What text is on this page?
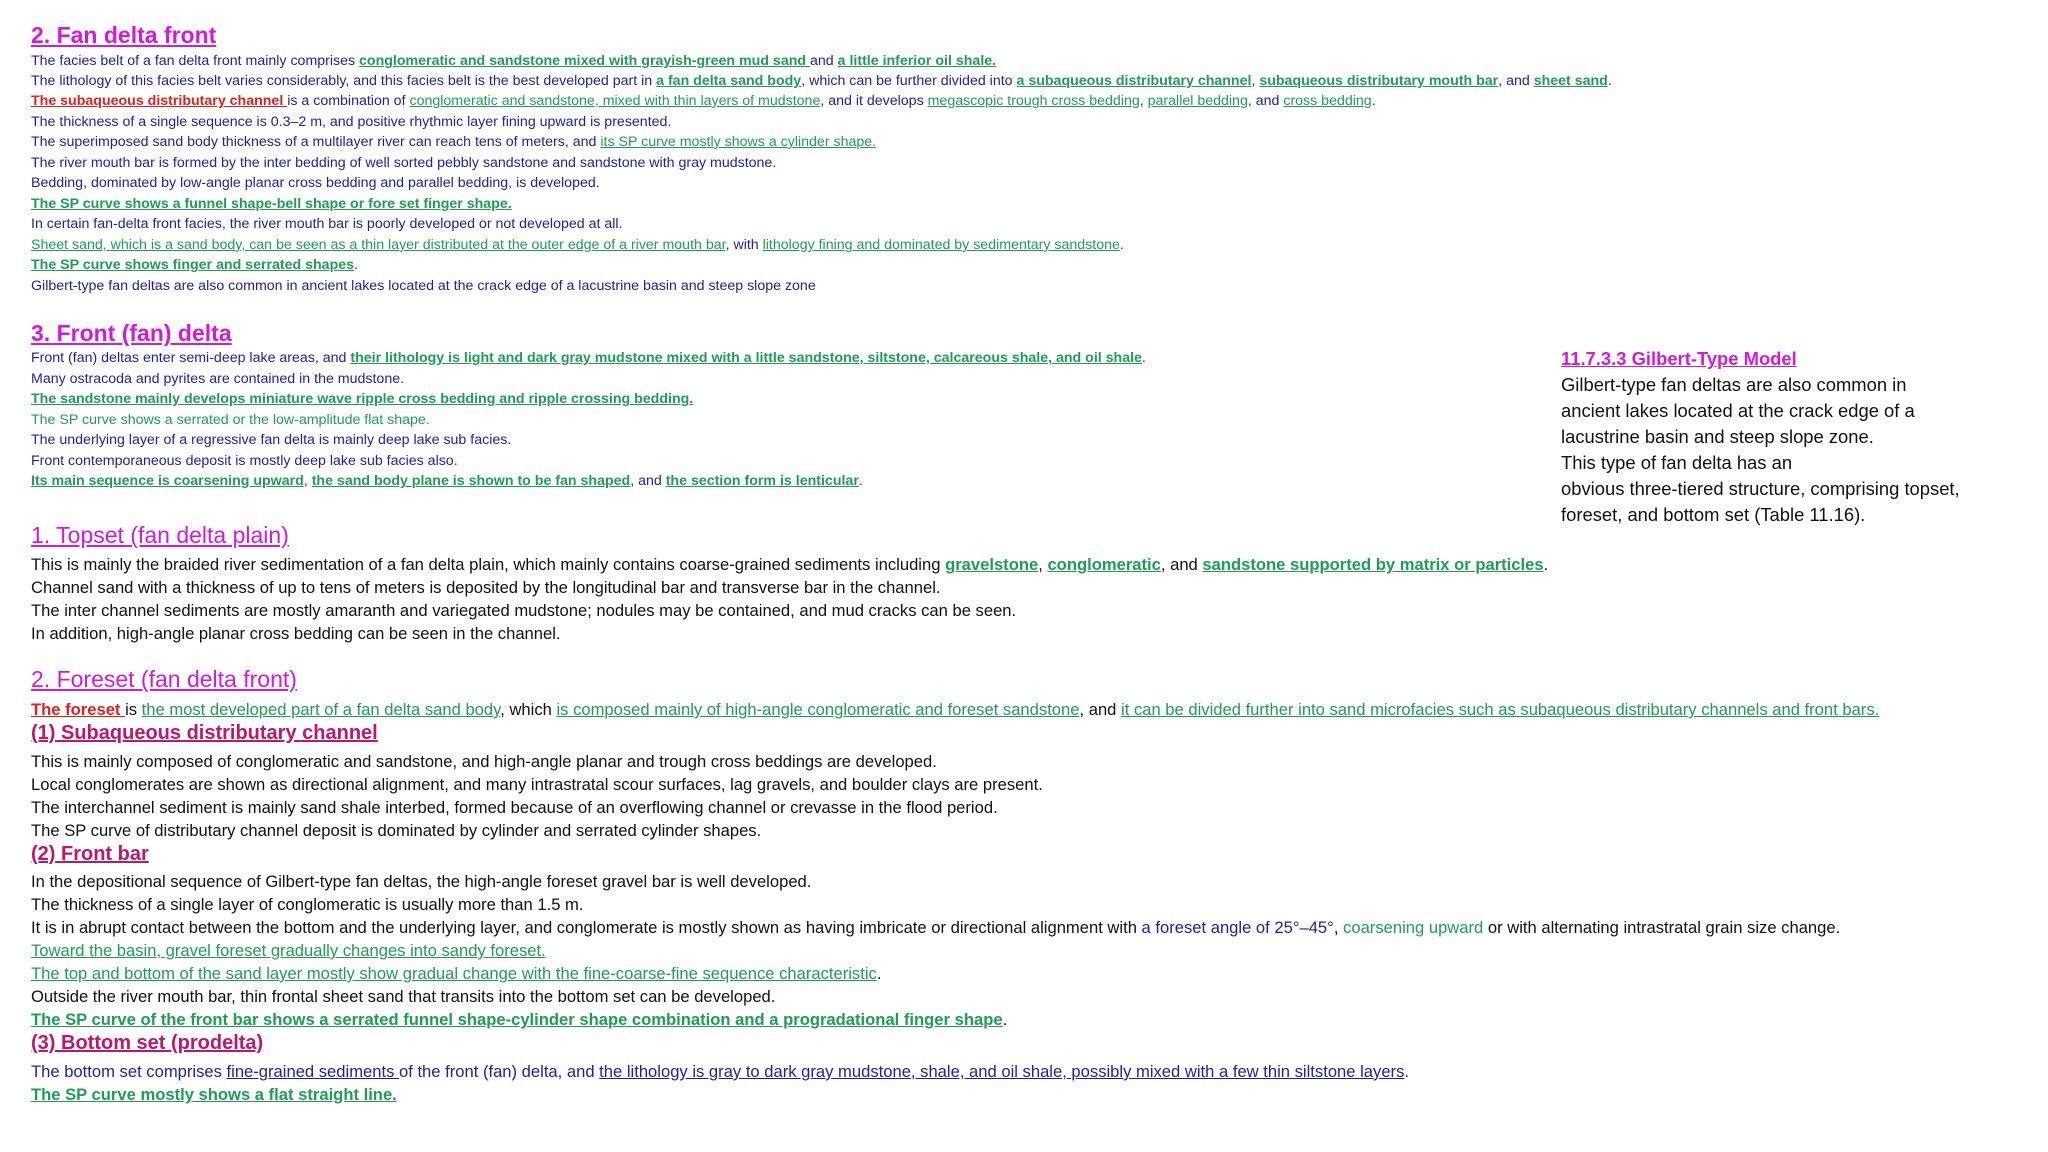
2. Fan delta front
The facies belt of a fan delta front mainly comprises conglomeratic and sandstone mixed with grayish-green mud sand and a little inferior oil shale.
The lithology of this facies belt varies considerably, and this facies belt is the best developed part in a fan delta sand body, which can be further divided into a subaqueous distributary channel, subaqueous distributary mouth bar, and sheet sand.
The subaqueous distributary channel is a combination of conglomeratic and sandstone, mixed with thin layers of mudstone, and it develops megascopic trough cross bedding, parallel bedding, and cross bedding.
The thickness of a single sequence is 0.3–2 m, and positive rhythmic layer fining upward is presented.
The superimposed sand body thickness of a multilayer river can reach tens of meters, and its SP curve mostly shows a cylinder shape.
The river mouth bar is formed by the inter bedding of well sorted pebbly sandstone and sandstone with gray mudstone.
Bedding, dominated by low-angle planar cross bedding and parallel bedding, is developed.
The SP curve shows a funnel shape-bell shape or fore set finger shape.
In certain fan-delta front facies, the river mouth bar is poorly developed or not developed at all.
Sheet sand, which is a sand body, can be seen as a thin layer distributed at the outer edge of a river mouth bar, with lithology fining and dominated by sedimentary sandstone.
The SP curve shows finger and serrated shapes.
Gilbert-type fan deltas are also common in ancient lakes located at the crack edge of a lacustrine basin and steep slope zone
3. Front (fan) delta
Front (fan) deltas enter semi-deep lake areas, and their lithology is light and dark gray mudstone mixed with a little sandstone, siltstone, calcareous shale, and oil shale.
Many ostracoda and pyrites are contained in the mudstone.
The sandstone mainly develops miniature wave ripple cross bedding and ripple crossing bedding.
The SP curve shows a serrated or the low-amplitude flat shape.
The underlying layer of a regressive fan delta is mainly deep lake sub facies.
Front contemporaneous deposit is mostly deep lake sub facies also.
Its main sequence is coarsening upward, the sand body plane is shown to be fan shaped, and the section form is lenticular.
11.7.3.3 Gilbert-Type Model
Gilbert-type fan deltas are also common in
ancient lakes located at the crack edge of a
lacustrine basin and steep slope zone.
This type of fan delta has an
obvious three-tiered structure, comprising topset,
foreset, and bottom set (Table 11.16).
1. Topset (fan delta plain)
This is mainly the braided river sedimentation of a fan delta plain, which mainly contains coarse-grained sediments including gravelstone, conglomeratic, and sandstone supported by matrix or particles.
Channel sand with a thickness of up to tens of meters is deposited by the longitudinal bar and transverse bar in the channel.
The inter channel sediments are mostly amaranth and variegated mudstone; nodules may be contained, and mud cracks can be seen.
In addition, high-angle planar cross bedding can be seen in the channel.
2. Foreset (fan delta front)
The foreset is the most developed part of a fan delta sand body, which is composed mainly of high-angle conglomeratic and foreset sandstone, and it can be divided further into sand microfacies such as subaqueous distributary channels and front bars.
(1) Subaqueous distributary channel
This is mainly composed of conglomeratic and sandstone, and high-angle planar and trough cross beddings are developed.
Local conglomerates are shown as directional alignment, and many intrastratal scour surfaces, lag gravels, and boulder clays are present.
The interchannel sediment is mainly sand shale interbed, formed because of an overflowing channel or crevasse in the flood period.
The SP curve of distributary channel deposit is dominated by cylinder and serrated cylinder shapes.
(2) Front bar
In the depositional sequence of Gilbert-type fan deltas, the high-angle foreset gravel bar is well developed.
The thickness of a single layer of conglomeratic is usually more than 1.5 m.
It is in abrupt contact between the bottom and the underlying layer, and conglomerate is mostly shown as having imbricate or directional alignment with a foreset angle of 25°–45°, coarsening upward or with alternating intrastratal grain size change.
Toward the basin, gravel foreset gradually changes into sandy foreset.
The top and bottom of the sand layer mostly show gradual change with the fine-coarse-fine sequence characteristic.
Outside the river mouth bar, thin frontal sheet sand that transits into the bottom set can be developed.
The SP curve of the front bar shows a serrated funnel shape-cylinder shape combination and a progradational finger shape.
(3) Bottom set (prodelta)
The bottom set comprises fine-grained sediments of the front (fan) delta, and the lithology is gray to dark gray mudstone, shale, and oil shale, possibly mixed with a few thin siltstone layers.
The SP curve mostly shows a flat straight line.
